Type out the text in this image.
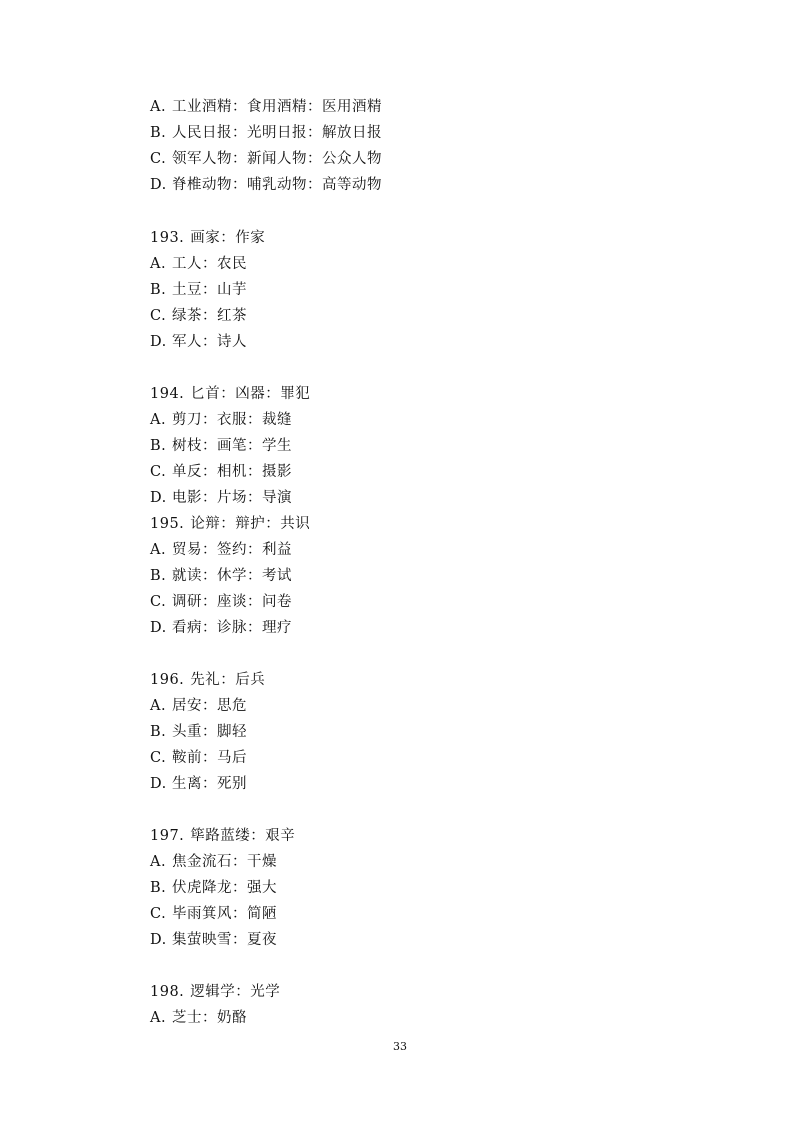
A. 工业酒精：食用酒精：医用酒精
B. 人民日报：光明日报：解放日报
C. 领军人物：新闻人物：公众人物
D. 脊椎动物：哺乳动物：高等动物
193. 画家：作家
A. 工人：农民
B. 土豆：山芋
C. 绿茶：红茶
D. 军人：诗人
194. 匕首：凶器：罪犯
A. 剪刀：衣服：裁缝
B. 树枝：画笔：学生
C. 单反：相机：摄影
D. 电影：片场：导演
195. 论辩：辩护：共识
A. 贸易：签约：利益
B. 就读：休学：考试
C. 调研：座谈：问卷
D. 看病：诊脉：理疗
196. 先礼：后兵
A. 居安：思危
B. 头重：脚轻
C. 鞍前：马后
D. 生离：死别
197. 筚路蓝缕：艰辛
A. 焦金流石：干燥
B. 伏虎降龙：强大
C. 毕雨箕风：简陋
D. 集萤映雪：夏夜
198. 逻辑学：光学
A. 芝士：奶酪
33
